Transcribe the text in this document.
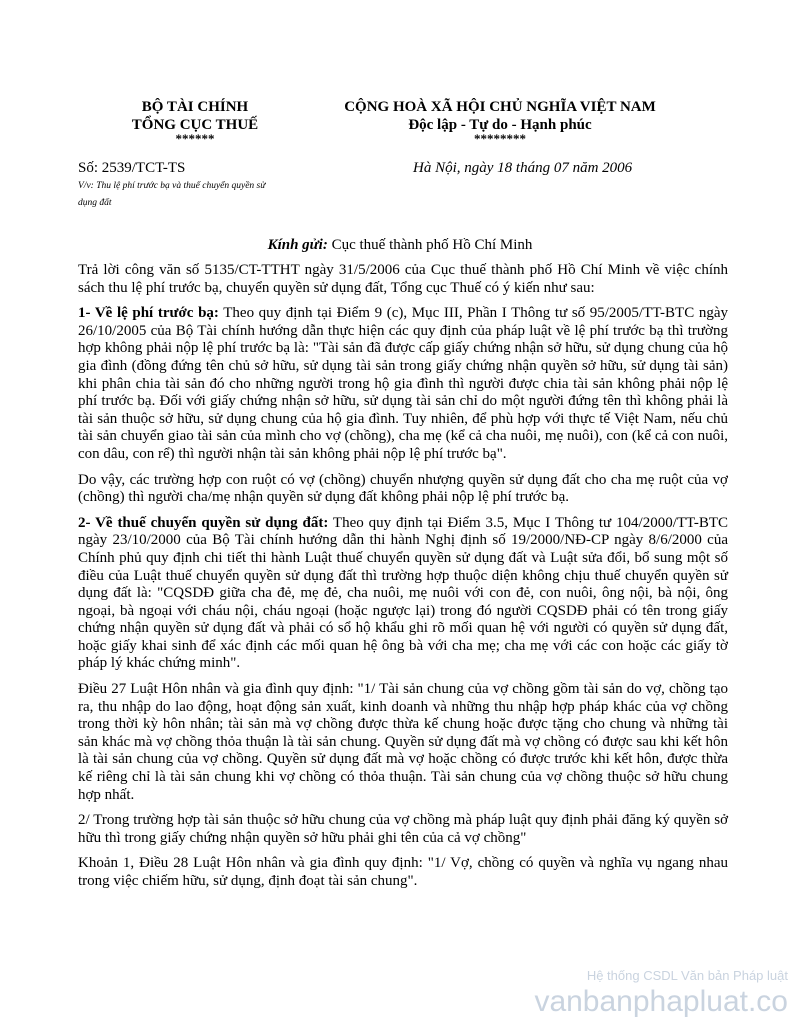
BỘ TÀI CHÍNH
TỔNG CỤC THUẾ
******
CỘNG HOÀ XÃ HỘI CHỦ NGHĨA VIỆT NAM
Độc lập - Tự do - Hạnh phúc
********
Số: 2539/TCT-TS
V/v: Thu lệ phí trước bạ và thuế chuyển quyền sử dụng đất
Hà Nội, ngày 18 tháng 07 năm 2006
Kính gửi: Cục thuế thành phố Hồ Chí Minh

Trả lời công văn số 5135/CT-TTHT ngày 31/5/2006 của Cục thuế thành phố Hồ Chí Minh về việc chính sách thu lệ phí trước bạ, chuyển quyền sử dụng đất, Tổng cục Thuế có ý kiến như sau:

1- Về lệ phí trước bạ: Theo quy định tại Điểm 9 (c), Mục III, Phần I Thông tư số 95/2005/TT-BTC ngày 26/10/2005 của Bộ Tài chính hướng dẫn thực hiện các quy định của pháp luật về lệ phí trước bạ thì trường hợp không phải nộp lệ phí trước bạ là: "Tài sản đã được cấp giấy chứng nhận sở hữu, sử dụng chung của hộ gia đình (đồng đứng tên chủ sở hữu, sử dụng tài sản trong giấy chứng nhận quyền sở hữu, sử dụng tài sản) khi phân chia tài sản đó cho những người trong hộ gia đình thì người được chia tài sản không phải nộp lệ phí trước bạ. Đối với giấy chứng nhận sở hữu, sử dụng tài sản chỉ do một người đứng tên thì không phải là tài sản thuộc sở hữu, sử dụng chung của hộ gia đình. Tuy nhiên, để phù hợp với thực tế Việt Nam, nếu chủ tài sản chuyển giao tài sản của mình cho vợ (chồng), cha mẹ (kể cả cha nuôi, mẹ nuôi), con (kể cả con nuôi, con dâu, con rể) thì người nhận tài sản không phải nộp lệ phí trước bạ".

Do vậy, các trường hợp con ruột có vợ (chồng) chuyển nhượng quyền sử dụng đất cho cha mẹ ruột của vợ (chồng) thì người cha/mẹ nhận quyền sử dụng đất không phải nộp lệ phí trước bạ.

2- Về thuế chuyển quyền sử dụng đất: Theo quy định tại Điểm 3.5, Mục I Thông tư 104/2000/TT-BTC ngày 23/10/2000 của Bộ Tài chính hướng dẫn thi hành Nghị định số 19/2000/NĐ-CP ngày 8/6/2000 của Chính phủ quy định chi tiết thi hành Luật thuế chuyển quyền sử dụng đất và Luật sửa đổi, bổ sung một số điều của Luật thuế chuyển quyền sử dụng đất thì trường hợp thuộc diện không chịu thuế chuyển quyền sử dụng đất là: "CQSDĐ giữa cha đẻ, mẹ đẻ, cha nuôi, mẹ nuôi với con đẻ, con nuôi, ông nội, bà nội, ông ngoại, bà ngoại với cháu nội, cháu ngoại (hoặc ngược lại) trong đó người CQSDĐ phải có tên trong giấy chứng nhận quyền sử dụng đất và phải có sổ hộ khẩu ghi rõ mối quan hệ với người có quyền sử dụng đất, hoặc giấy khai sinh để xác định các mối quan hệ ông bà với cha mẹ; cha mẹ với các con hoặc các giấy tờ pháp lý khác chứng minh".

Điều 27 Luật Hôn nhân và gia đình quy định: "1/ Tài sản chung của vợ chồng gồm tài sản do vợ, chồng tạo ra, thu nhập do lao động, hoạt động sản xuất, kinh doanh và những thu nhập hợp pháp khác của vợ chồng trong thời kỳ hôn nhân; tài sản mà vợ chồng được thừa kế chung hoặc được tặng cho chung và những tài sản khác mà vợ chồng thỏa thuận là tài sản chung. Quyền sử dụng đất mà vợ chồng có được sau khi kết hôn là tài sản chung của vợ chồng. Quyền sử dụng đất mà vợ hoặc chồng có được trước khi kết hôn, được thừa kế riêng chỉ là tài sản chung khi vợ chồng có thỏa thuận. Tài sản chung của vợ chồng thuộc sở hữu chung hợp nhất.

2/ Trong trường hợp tài sản thuộc sở hữu chung của vợ chồng mà pháp luật quy định phải đăng ký quyền sở hữu thì trong giấy chứng nhận quyền sở hữu phải ghi tên của cả vợ chồng"

Khoản 1, Điều 28 Luật Hôn nhân và gia đình quy định: "1/ Vợ, chồng có quyền và nghĩa vụ ngang nhau trong việc chiếm hữu, sử dụng, định đoạt tài sản chung".

Hệ thống CSDL Văn bản Pháp luật
vanbanphapluat.co
